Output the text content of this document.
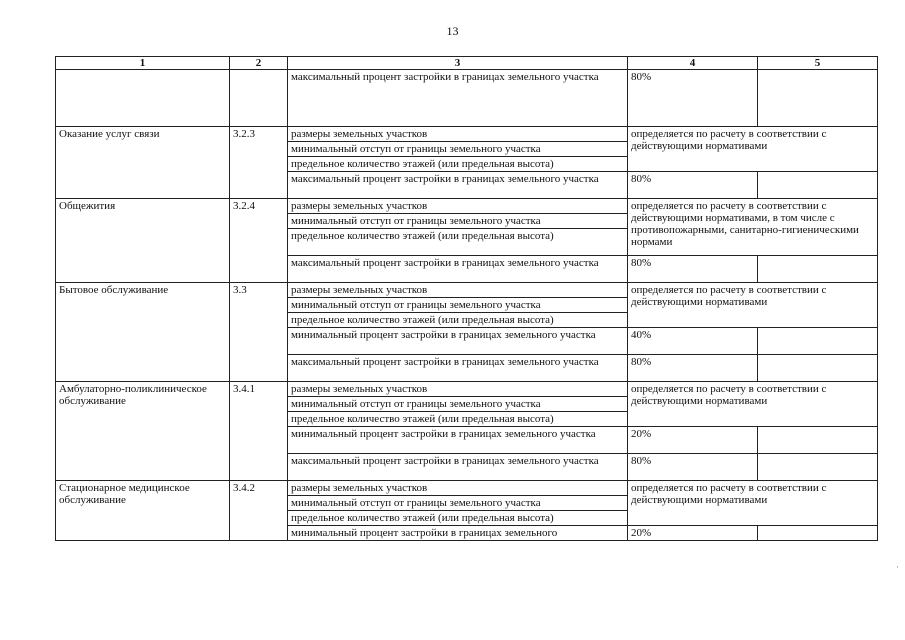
13
1	2	3	4	5
		максимальный процент застройки в границах земельного участка	80%	
Оказание услуг связи	3.2.3	размеры земельных участков	определяется по расчету в соответствии с действующими нормативами	
		минимальный отступ от границы земельного участка		
		предельное количество этажей (или предельная высота)		
		максимальный процент застройки в границах земельного участка	80%	
Общежития	3.2.4	размеры земельных участков	определяется по расчету в соответствии с действующими нормативами, в том числе с противопожарными, санитарно-гигиеническими нормами	
		минимальный отступ от границы земельного участка		
		предельное количество этажей (или предельная высота)		
		максимальный процент застройки в границах земельного участка	80%	
Бытовое обслуживание	3.3	размеры земельных участков	определяется по расчету в соответствии с действующими нормативами	
		минимальный отступ от границы земельного участка		
		предельное количество этажей (или предельная высота)		
		минимальный процент застройки в границах земельного участка	40%	
		максимальный процент застройки в границах земельного участка	80%	
Амбулаторно-поликлиническое обслуживание	3.4.1	размеры земельных участков	определяется по расчету в соответствии с действующими нормативами	
		минимальный отступ от границы земельного участка		
		предельное количество этажей (или предельная высота)		
		минимальный процент застройки в границах земельного участка	20%	
		максимальный процент застройки в границах земельного участка	80%	
Стационарное медицинское обслуживание	3.4.2	размеры земельных участков	определяется по расчету в соответствии с действующими нормативами	
		минимальный отступ от границы земельного участка		
		предельное количество этажей (или предельная высота)		
		минимальный процент застройки в границах земельного	20%	
·
